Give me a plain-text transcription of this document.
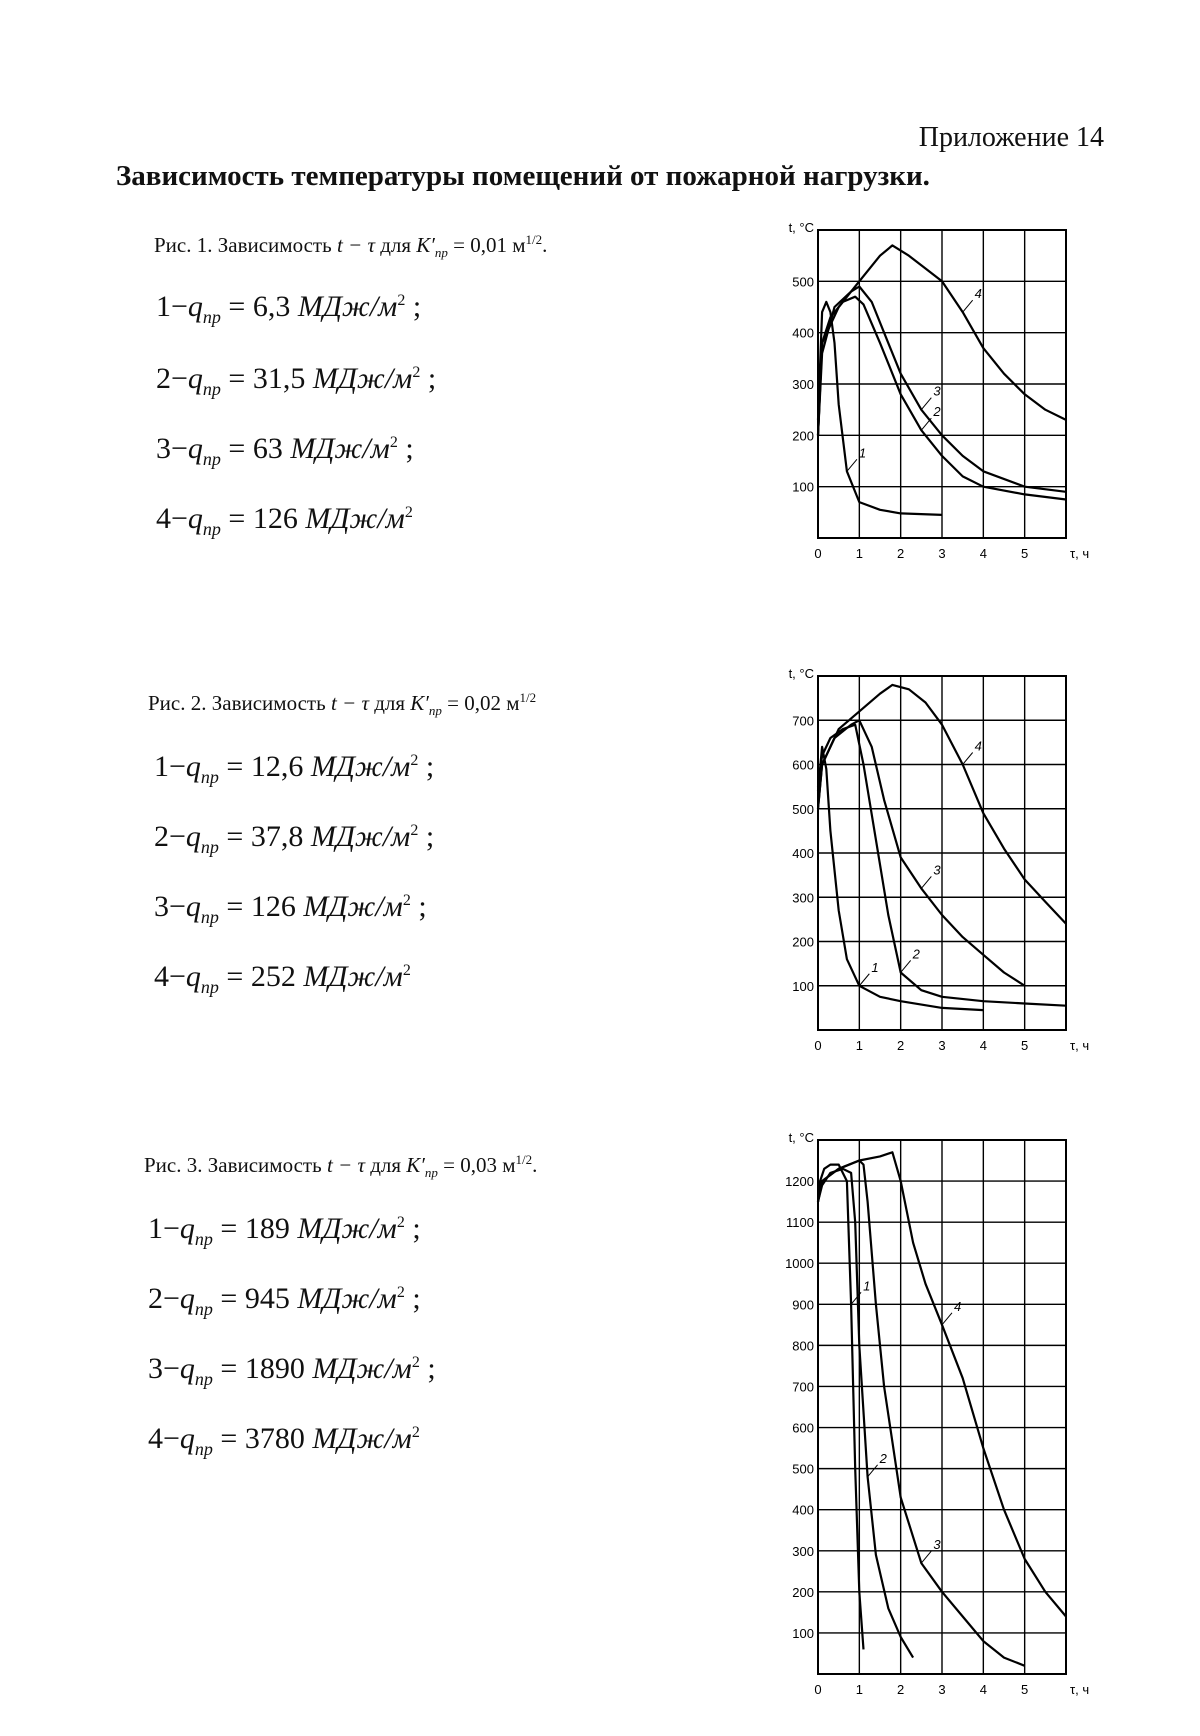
Приложение 14
Зависимость температуры помещений от пожарной нагрузки.
Рис. 1. Зависимость t − τ для $K'_{пр} = 0,01$ $м^{1/2}$.
$1-q_{пр} = 6,3$ МДж/$м^2$ ;
$2-q_{пр} = 31,5$ МДж/$м^2$ ;
$3-q_{пр} = 63$ МДж/$м^2$ ;
$4-q_{пр} = 126$ МДж/$м^2$
0	1	2	3	4	5
100
200
300
400
500
t, °C
τ, ч
1
2
3
4
Рис. 2. Зависимость t − τ для $K'_{пр} = 0,02$ $м^{1/2}$
$1-q_{пр} = 12,6$ МДж/$м^2$ ;
$2-q_{пр} = 37,8$ МДж/$м^2$ ;
$3-q_{пр} = 126$ МДж/$м^2$ ;
$4-q_{пр} = 252$ МДж/$м^2$
0	1	2	3	4	5
100
200
300
400
500
600
700
t, °C
τ, ч
1
2
3
4
Рис. 3. Зависимость t − τ для $K'_{пр} = 0,03$ $м^{1/2}$.
$1-q_{пр} = 189$ МДж/$м^2$ ;
$2-q_{пр} = 945$ МДж/$м^2$ ;
$3-q_{пр} = 1890$ МДж/$м^2$ ;
$4-q_{пр} = 3780$ МДж/$м^2$
0	1	2	3	4	5
100
200
300
400
500
600
700
800
900
1000
1100
1200
t, °C
τ, ч
1
2
3
4
